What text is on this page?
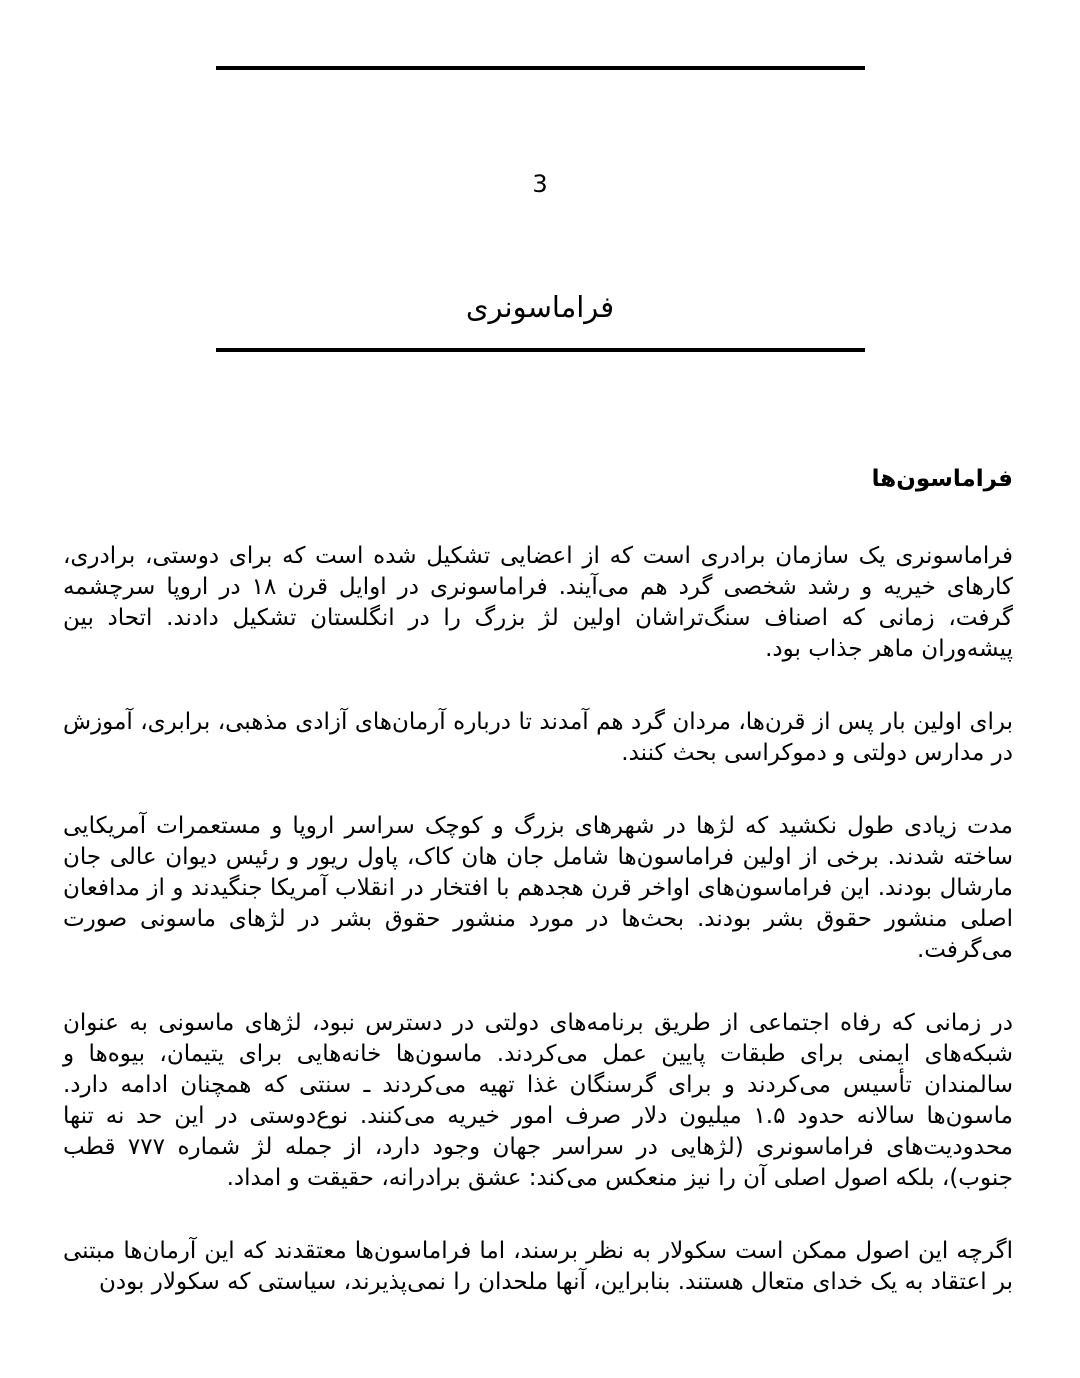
3
فراماسونری
فراماسون‌ها

فراماسونری یک سازمان برادری است که از اعضایی تشکیل شده است که برای دوستی، برادری، کارهای خیریه و رشد شخصی گرد هم می‌آیند. فراماسونری در اوایل قرن ۱۸ در اروپا سرچشمه گرفت، زمانی که اصناف سنگ‌تراشان اولین لژ بزرگ را در انگلستان تشکیل دادند. اتحاد بین پیشه‌وران ماهر جذاب بود.

برای اولین بار پس از قرن‌ها، مردان گرد هم آمدند تا درباره آرمان‌های آزادی مذهبی، برابری، آموزش در مدارس دولتی و دموکراسی بحث کنند.

مدت زیادی طول نکشید که لژها در شهرهای بزرگ و کوچک سراسر اروپا و مستعمرات آمریکایی ساخته شدند. برخی از اولین فراماسون‌ها شامل جان هان کاک، پاول ریور و رئیس دیوان عالی جان مارشال بودند. این فراماسون‌های اواخر قرن هجدهم با افتخار در انقلاب آمریکا جنگیدند و از مدافعان اصلی منشور حقوق بشر بودند. بحث‌ها در مورد منشور حقوق بشر در لژهای ماسونی صورت می‌گرفت.

در زمانی که رفاه اجتماعی از طریق برنامه‌های دولتی در دسترس نبود، لژهای ماسونی به عنوان شبکه‌های ایمنی برای طبقات پایین عمل می‌کردند. ماسون‌ها خانه‌هایی برای یتیمان، بیوه‌ها و سالمندان تأسیس می‌کردند و برای گرسنگان غذا تهیه می‌کردند ـ سنتی که همچنان ادامه دارد. ماسون‌ها سالانه حدود ۱.۵ میلیون دلار صرف امور خیریه می‌کنند. نوع‌دوستی در این حد نه تنها محدودیت‌های فراماسونری (لژهایی در سراسر جهان وجود دارد، از جمله لژ شماره ۷۷۷ قطب جنوب)، بلکه اصول اصلی آن را نیز منعکس می‌کند: عشق برادرانه، حقیقت و امداد.

اگرچه این اصول ممکن است سکولار به نظر برسند، اما فراماسون‌ها معتقدند که این آرمان‌ها مبتنی بر اعتقاد به یک خدای متعال هستند. بنابراین، آنها ملحدان را نمی‌پذیرند، سیاستی که سکولار بودن
